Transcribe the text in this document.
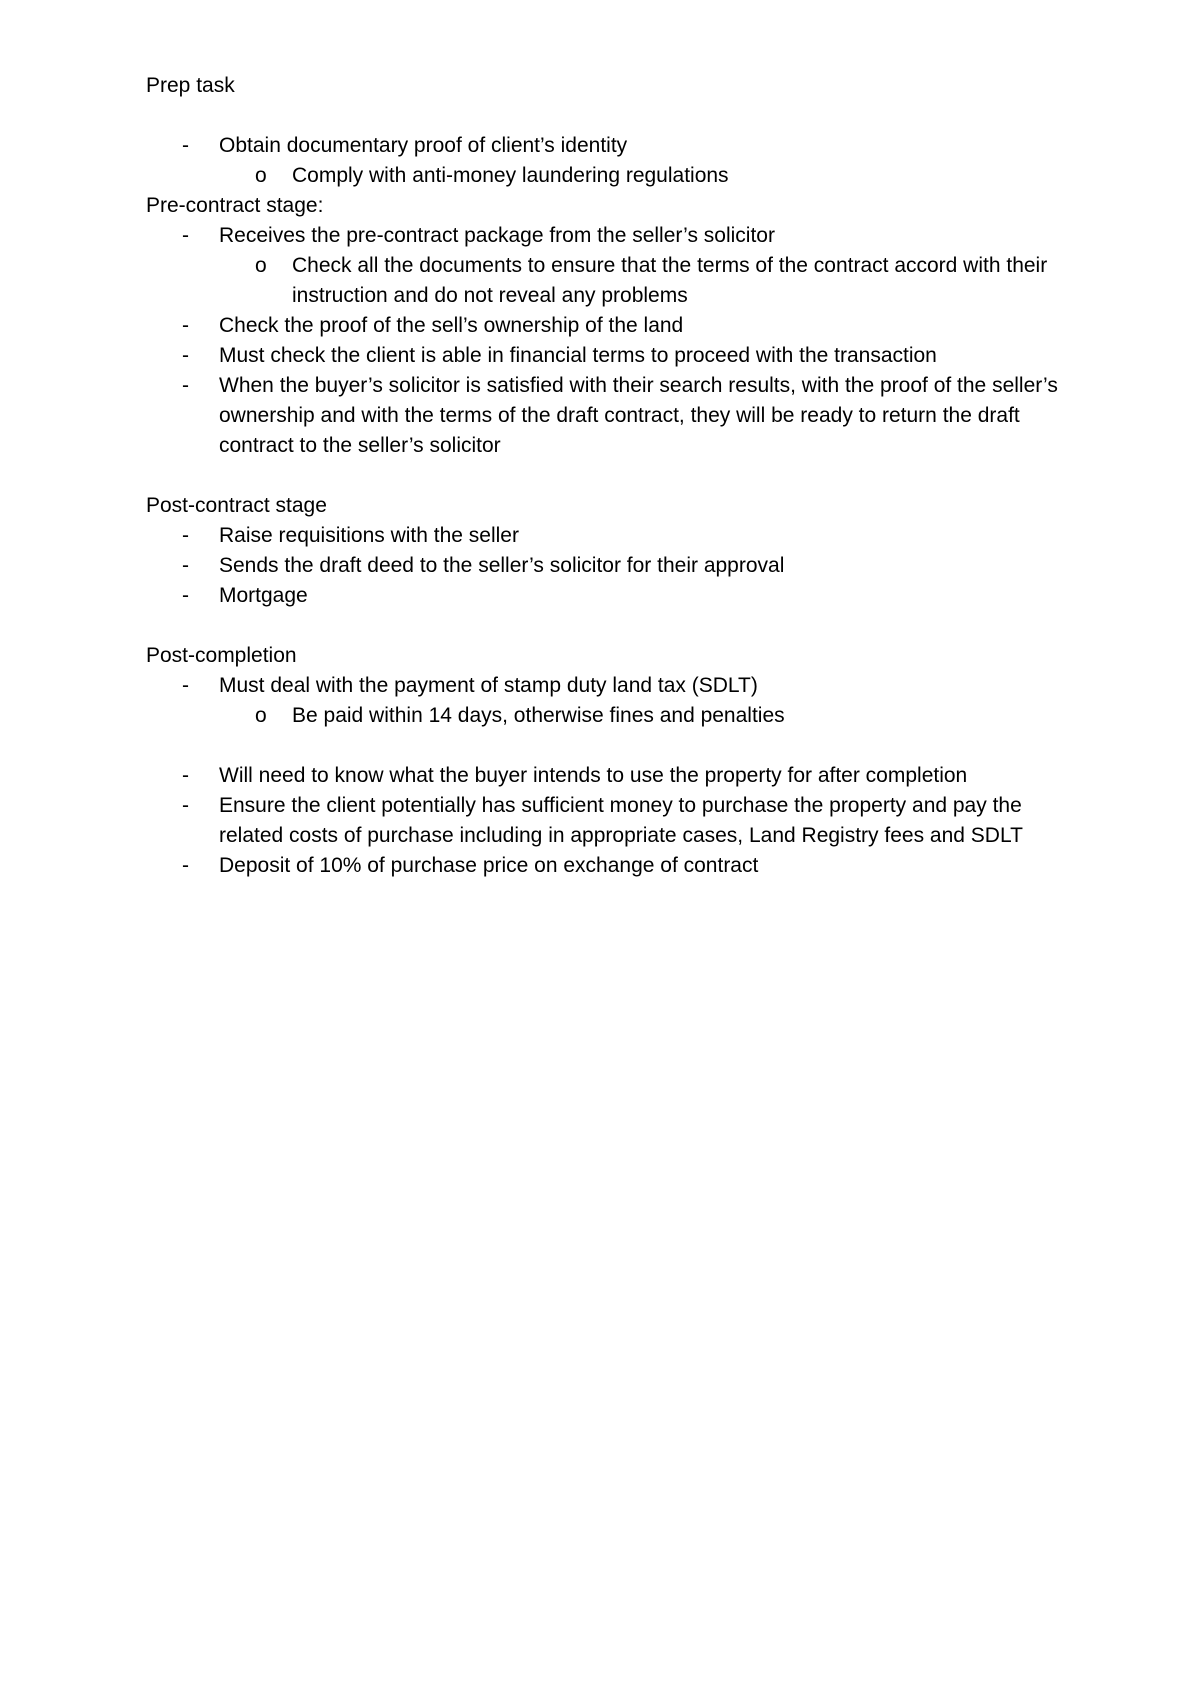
Prep task

- Obtain documentary proof of client’s identity
o Comply with anti-money laundering regulations

Pre-contract stage:

- Receives the pre-contract package from the seller’s solicitor
o Check all the documents to ensure that the terms of the contract accord with their instruction and do not reveal any problems
- Check the proof of the sell’s ownership of the land
- Must check the client is able in financial terms to proceed with the transaction
- When the buyer’s solicitor is satisfied with their search results, with the proof of the seller’s ownership and with the terms of the draft contract, they will be ready to return the draft contract to the seller’s solicitor

Post-contract stage

- Raise requisitions with the seller
- Sends the draft deed to the seller’s solicitor for their approval
- Mortgage

Post-completion

- Must deal with the payment of stamp duty land tax (SDLT)
o Be paid within 14 days, otherwise fines and penalties
- Will need to know what the buyer intends to use the property for after completion
- Ensure the client potentially has sufficient money to purchase the property and pay the related costs of purchase including in appropriate cases, Land Registry fees and SDLT
- Deposit of 10% of purchase price on exchange of contract
